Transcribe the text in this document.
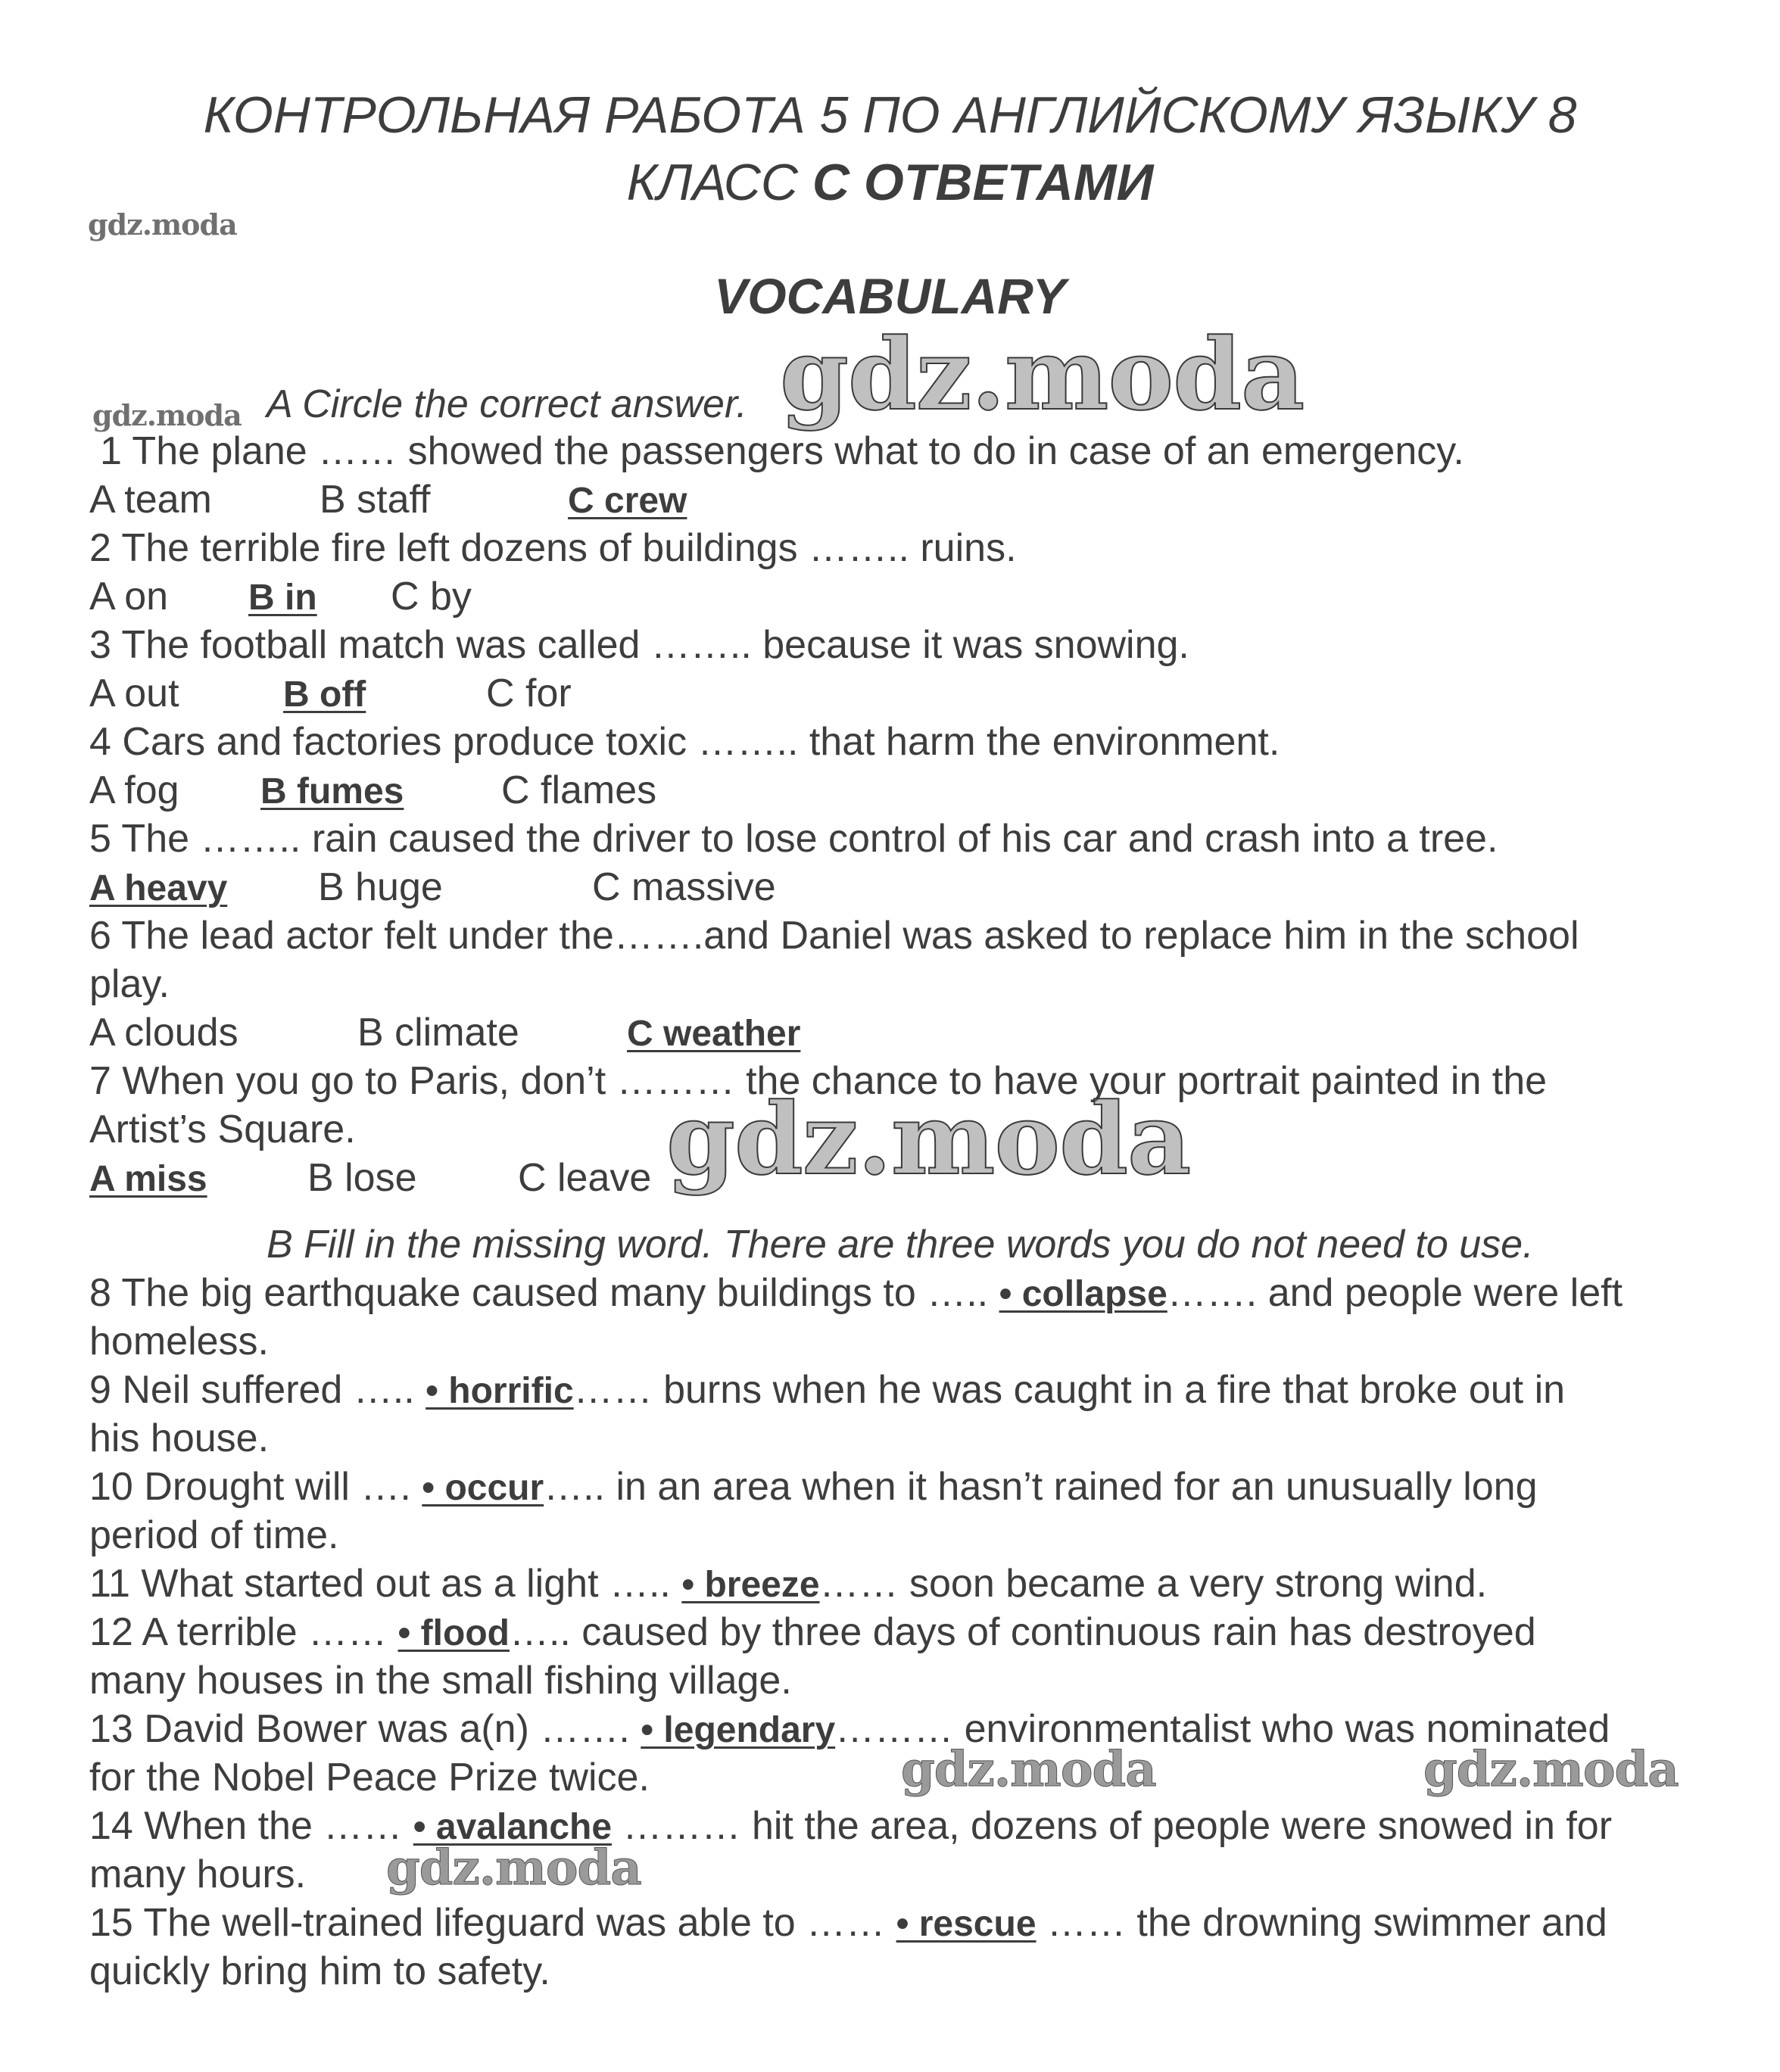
КОНТРОЛЬНАЯ РАБОТА 5 ПО АНГЛИЙСКОМУ ЯЗЫКУ 8
КЛАСС С ОТВЕТАМИ
gdz.moda
VOCABULARY
gdz.moda A Circle the correct answer. gdz.moda
1 The plane …… showed the passengers what to do in case of an emergency.
A team	B staff	C crew
2 The terrible fire left dozens of buildings …….. ruins.
A on B in C by
3 The football match was called …….. because it was snowing.
A out	B off	C for
4 Cars and factories produce toxic …….. that harm the environment.
A fog B fumes C flames
5 The …….. rain caused the driver to lose control of his car and crash into a tree.
A heavy B huge	C massive
6 The lead actor felt under the…….and Daniel was asked to replace him in the school
play.
A clouds	B climate	C weather
7 When you go to Paris, don’t ……… the chance to have your portrait painted in the
Artist’s Square.
A miss	B lose	C leave gdz.moda
B Fill in the missing word. There are three words you do not need to use.
8 The big earthquake caused many buildings to ….. • collapse……. and people were left
homeless.
9 Neil suffered ….. • horrific…… burns when he was caught in a fire that broke out in
his house.
10 Drought will …. • occur….. in an area when it hasn’t rained for an unusually long
period of time.
11 What started out as a light ….. • breeze…… soon became a very strong wind.
12 A terrible …… • flood….. caused by three days of continuous rain has destroyed
many houses in the small fishing village.
13 David Bower was a(n) ……. • legendary……… environmentalist who was nominated
for the Nobel Peace Prize twice.	gdz.moda	gdz.moda
14 When the …… • avalanche ……… hit the area, dozens of people were snowed in for
many hours. gdz.moda
15 The well-trained lifeguard was able to …… • rescue …… the drowning swimmer and
quickly bring him to safety.
